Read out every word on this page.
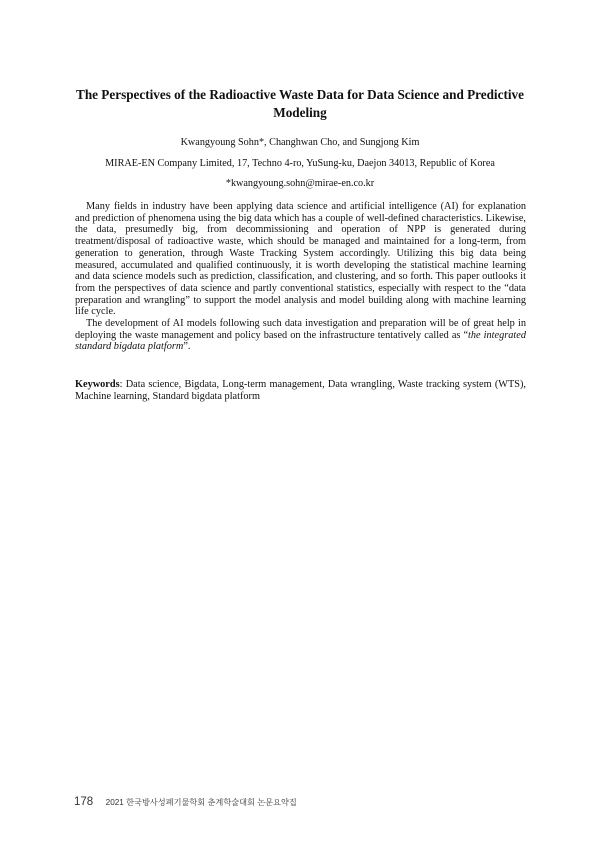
The Perspectives of the Radioactive Waste Data for Data Science and Predictive Modeling
Kwangyoung Sohn*, Changhwan Cho, and Sungjong Kim
MIRAE-EN Company Limited, 17, Techno 4-ro, YuSung-ku, Daejon 34013, Republic of Korea
*kwangyoung.sohn@mirae-en.co.kr

Many fields in industry have been applying data science and artificial intelligence (AI) for explanation and prediction of phenomena using the big data which has a couple of well-defined characteristics. Likewise, the data, presumedly big, from decommissioning and operation of NPP is generated during treatment/disposal of radioactive waste, which should be managed and maintained for a long-term, from generation to generation, through Waste Tracking System accordingly. Utilizing this big data being measured, accumulated and qualified continuously, it is worth developing the statistical machine learning and data science models such as prediction, classification, and clustering, and so forth. This paper outlooks it from the perspectives of data science and partly conventional statistics, especially with respect to the “data preparation and wrangling” to support the model analysis and model building along with machine learning life cycle.

The development of AI models following such data investigation and preparation will be of great help in deploying the waste management and policy based on the infrastructure tentatively called as “the integrated standard bigdata platform”.

Keywords: Data science, Bigdata, Long-term management, Data wrangling, Waste tracking system (WTS), Machine learning, Standard bigdata platform
178 2021 한국방사성폐기물학회 춘계학술대회 논문요약집
